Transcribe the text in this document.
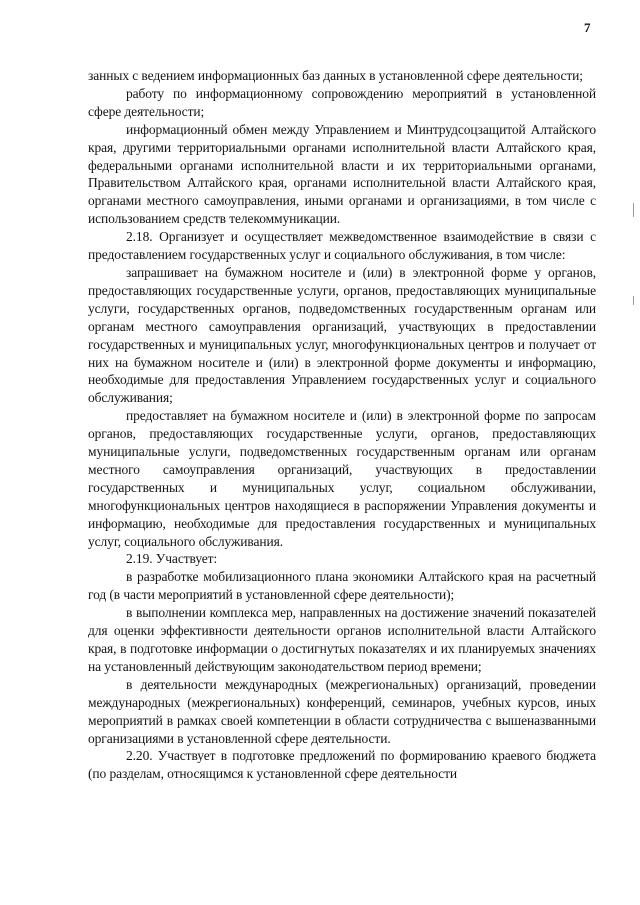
7

занных с ведением информационных баз данных в установленной сфере деятельности;

работу по информационному сопровождению мероприятий в установленной сфере деятельности;

информационный обмен между Управлением и Минтрудсоцзащитой Алтайского края, другими территориальными органами исполнительной власти Алтайского края, федеральными органами исполнительной власти и их территориальными органами, Правительством Алтайского края, органами исполнительной власти Алтайского края, органами местного самоуправления, иными органами и организациями, в том числе с использованием средств телекоммуникации.

2.18. Организует и осуществляет межведомственное взаимодействие в связи с предоставлением государственных услуг и социального обслуживания, в том числе:

запрашивает на бумажном носителе и (или) в электронной форме у органов, предоставляющих государственные услуги, органов, предоставляющих муниципальные услуги, государственных органов, подведомственных государственным органам или органам местного самоуправления организаций, участвующих в предоставлении государственных и муниципальных услуг, многофункциональных центров и получает от них на бумажном носителе и (или) в электронной форме документы и информацию, необходимые для предоставления Управлением государственных услуг и социального обслуживания;

предоставляет на бумажном носителе и (или) в электронной форме по запросам органов, предоставляющих государственные услуги, органов, предоставляющих муниципальные услуги, подведомственных государственным органам или органам местного самоуправления организаций, участвующих в предоставлении государственных и муниципальных услуг, социальном обслуживании, многофункциональных центров находящиеся в распоряжении Управления документы и информацию, необходимые для предоставления государственных и муниципальных услуг, социального обслуживания.

2.19. Участвует:

в разработке мобилизационного плана экономики Алтайского края на расчетный год (в части мероприятий в установленной сфере деятельности);

в выполнении комплекса мер, направленных на достижение значений показателей для оценки эффективности деятельности органов исполнительной власти Алтайского края, в подготовке информации о достигнутых показателях и их планируемых значениях на установленный действующим законодательством период времени;

в деятельности международных (межрегиональных) организаций, проведении международных (межрегиональных) конференций, семинаров, учебных курсов, иных мероприятий в рамках своей компетенции в области сотрудничества с вышеназванными организациями в установленной сфере деятельности.

2.20. Участвует в подготовке предложений по формированию краевого бюджета (по разделам, относящимся к установленной сфере деятельности
